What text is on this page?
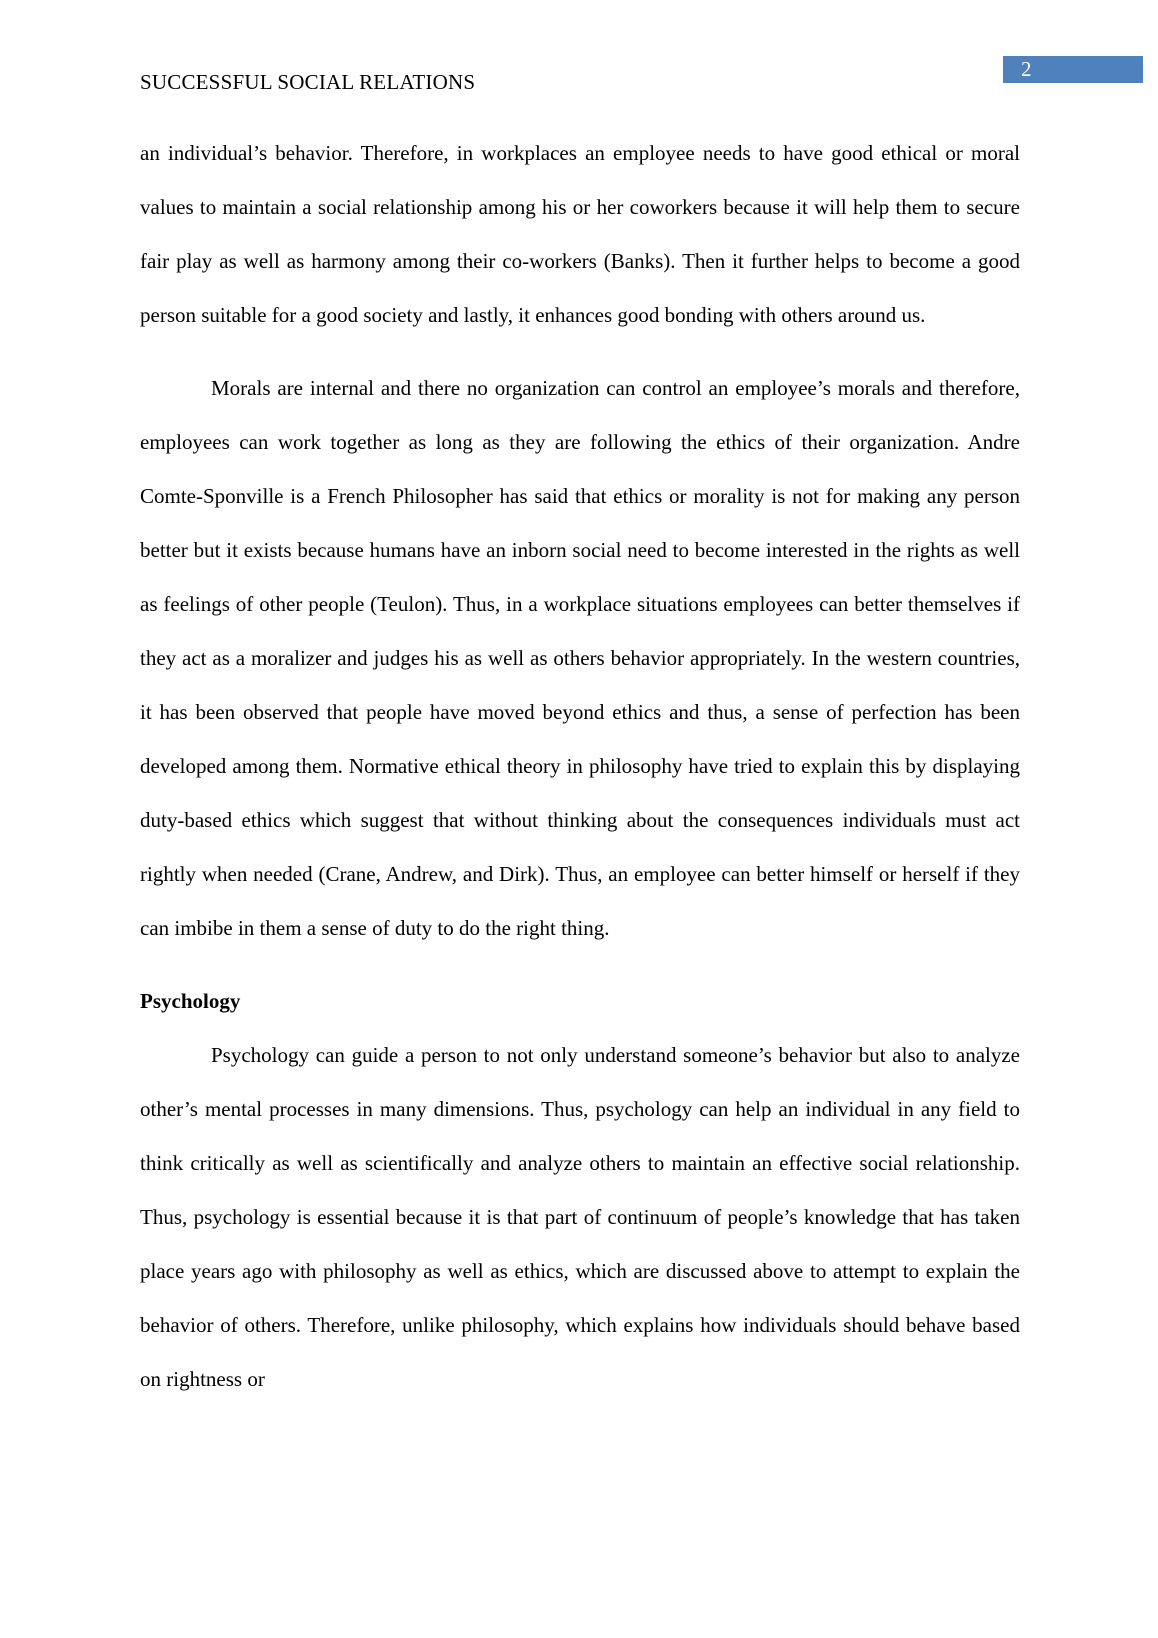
SUCCESSFUL SOCIAL RELATIONS
2

an individual’s behavior. Therefore, in workplaces an employee needs to have good ethical or moral values to maintain a social relationship among his or her coworkers because it will help them to secure fair play as well as harmony among their co-workers (Banks). Then it further helps to become a good person suitable for a good society and lastly, it enhances good bonding with others around us.

Morals are internal and there no organization can control an employee’s morals and therefore, employees can work together as long as they are following the ethics of their organization. Andre Comte-Sponville is a French Philosopher has said that ethics or morality is not for making any person better but it exists because humans have an inborn social need to become interested in the rights as well as feelings of other people (Teulon). Thus, in a workplace situations employees can better themselves if they act as a moralizer and judges his as well as others behavior appropriately. In the western countries, it has been observed that people have moved beyond ethics and thus, a sense of perfection has been developed among them. Normative ethical theory in philosophy have tried to explain this by displaying duty-based ethics which suggest that without thinking about the consequences individuals must act rightly when needed (Crane, Andrew, and Dirk). Thus, an employee can better himself or herself if they can imbibe in them a sense of duty to do the right thing.

Psychology

Psychology can guide a person to not only understand someone’s behavior but also to analyze other’s mental processes in many dimensions. Thus, psychology can help an individual in any field to think critically as well as scientifically and analyze others to maintain an effective social relationship. Thus, psychology is essential because it is that part of continuum of people’s knowledge that has taken place years ago with philosophy as well as ethics, which are discussed above to attempt to explain the behavior of others. Therefore, unlike philosophy, which explains how individuals should behave based on rightness or
